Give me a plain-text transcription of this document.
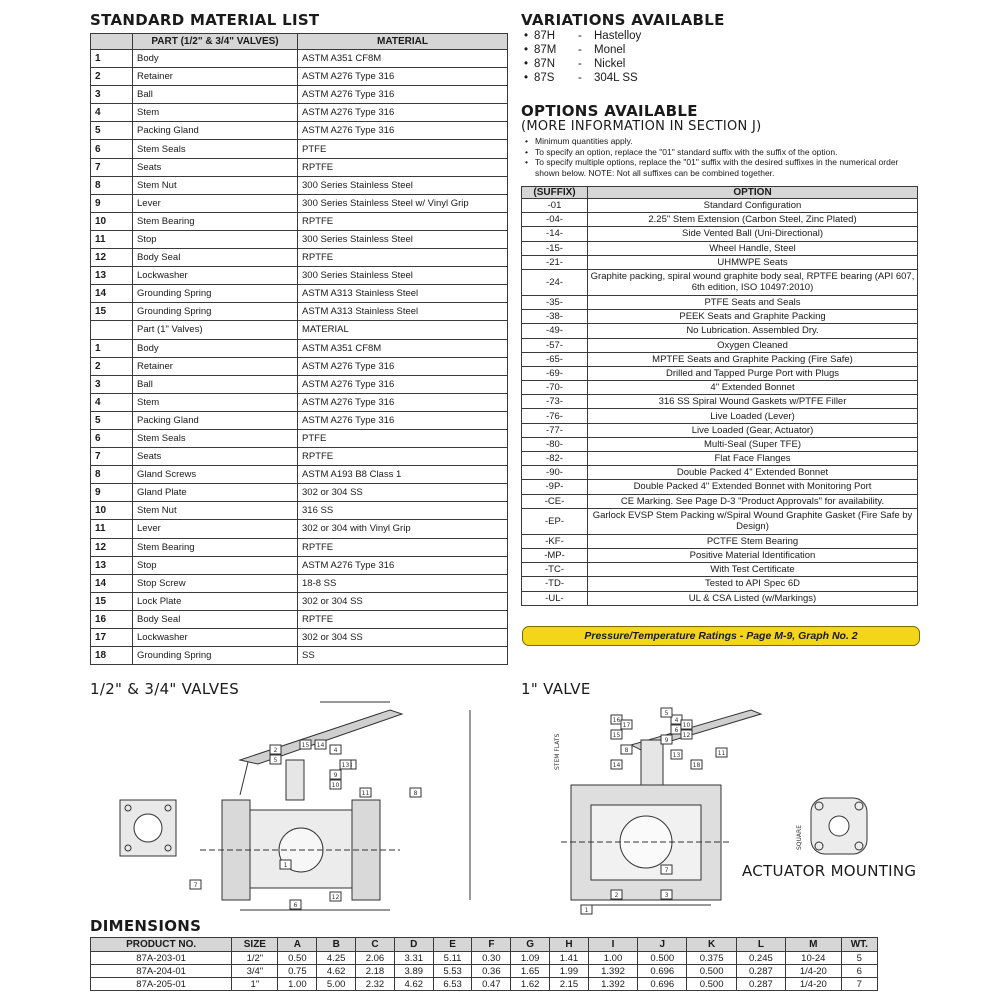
STANDARD MATERIAL LIST
	PART (1/2" & 3/4" VALVES)	MATERIAL
1	Body	ASTM A351 CF8M
2	Retainer	ASTM A276 Type 316
3	Ball	ASTM A276 Type 316
4	Stem	ASTM A276 Type 316
5	Packing Gland	ASTM A276 Type 316
6	Stem Seals	PTFE
7	Seats	RPTFE
8	Stem Nut	300 Series Stainless Steel
9	Lever	300 Series Stainless Steel w/ Vinyl Grip
10	Stem Bearing	RPTFE
11	Stop	300 Series Stainless Steel
12	Body Seal	RPTFE
13	Lockwasher	300 Series Stainless Steel
14	Grounding Spring	ASTM A313 Stainless Steel
15	Grounding Spring	ASTM A313 Stainless Steel
	Part (1" Valves)	MATERIAL
1	Body	ASTM A351 CF8M
2	Retainer	ASTM A276 Type 316
3	Ball	ASTM A276 Type 316
4	Stem	ASTM A276 Type 316
5	Packing Gland	ASTM A276 Type 316
6	Stem Seals	PTFE
7	Seats	RPTFE
8	Gland Screws	ASTM A193 B8 Class 1
9	Gland Plate	302 or 304 SS
10	Stem Nut	316 SS
11	Lever	302 or 304 with Vinyl Grip
12	Stem Bearing	RPTFE
13	Stop	ASTM A276 Type 316
14	Stop Screw	18-8 SS
15	Lock Plate	302 or 304 SS
16	Body Seal	RPTFE
17	Lockwasher	302 or 304 SS
18	Grounding Spring	SS
VARIATIONS AVAILABLE
• 87H - Hastelloy
• 87M - Monel
• 87N - Nickel
• 87S - 304L SS
OPTIONS AVAILABLE
(MORE INFORMATION IN SECTION J)
• Minimum quantities apply.
• To specify an option, replace the "01" standard suffix with the suffix of the option.
• To specify multiple options, replace the "01" suffix with the desired suffixes in the numerical order shown below. NOTE: Not all suffixes can be combined together.
(SUFFIX)	OPTION
-01	Standard Configuration
-04-	2.25" Stem Extension (Carbon Steel, Zinc Plated)
-14-	Side Vented Ball (Uni-Directional)
-15-	Wheel Handle, Steel
-21-	UHMWPE Seats
-24-	Graphite packing, spiral wound graphite body seal, RPTFE bearing (API 607, 6th edition, ISO 10497:2010)
-35-	PTFE Seats and Seals
-38-	PEEK Seats and Graphite Packing
-49-	No Lubrication. Assembled Dry.
-57-	Oxygen Cleaned
-65-	MPTFE Seats and Graphite Packing (Fire Safe)
-69-	Drilled and Tapped Purge Port with Plugs
-70-	4" Extended Bonnet
-73-	316 SS Spiral Wound Gaskets w/PTFE Filler
-76-	Live Loaded (Lever)
-77-	Live Loaded (Gear, Actuator)
-80-	Multi-Seal (Super TFE)
-82-	Flat Face Flanges
-90-	Double Packed 4" Extended Bonnet
-9P-	Double Packed 4" Extended Bonnet with Monitoring Port
-CE-	CE Marking. See Page D-3 "Product Approvals" for availability.
-EP-	Garlock EVSP Stem Packing w/Spiral Wound Graphite Gasket (Fire Safe by Design)
-KF-	PCTFE Stem Bearing
-MP-	Positive Material Identification
-TC-	With Test Certificate
-TD-	Tested to API Spec 6D
-UL-	UL & CSA Listed (w/Markings)
Pressure/Temperature Ratings - Page M-9, Graph No. 2
1/2" & 3/4" VALVES	1" VALVE
ACTUATOR MOUNTING
1
2	4
5
6
7
8
9
10
11
12
13
14
15	STEM FLATS
SQUARE
1
2	3
4
5
6
7
8
9
10
11
12
13
14
15
16
17
18
DIMENSIONS
PRODUCT NO.	SIZE	A	B	C	D	E	F	G	H	I	J	K	L	M	WT.
87A-203-01	1/2"	0.50	4.25	2.06	3.31	5.11	0.30	1.09	1.41	1.00	0.500	0.375	0.245	10-24	5
87A-204-01	3/4"	0.75	4.62	2.18	3.89	5.53	0.36	1.65	1.99	1.392	0.696	0.500	0.287	1/4-20	6
87A-205-01	1"	1.00	5.00	2.32	4.62	6.53	0.47	1.62	2.15	1.392	0.696	0.500	0.287	1/4-20	7
